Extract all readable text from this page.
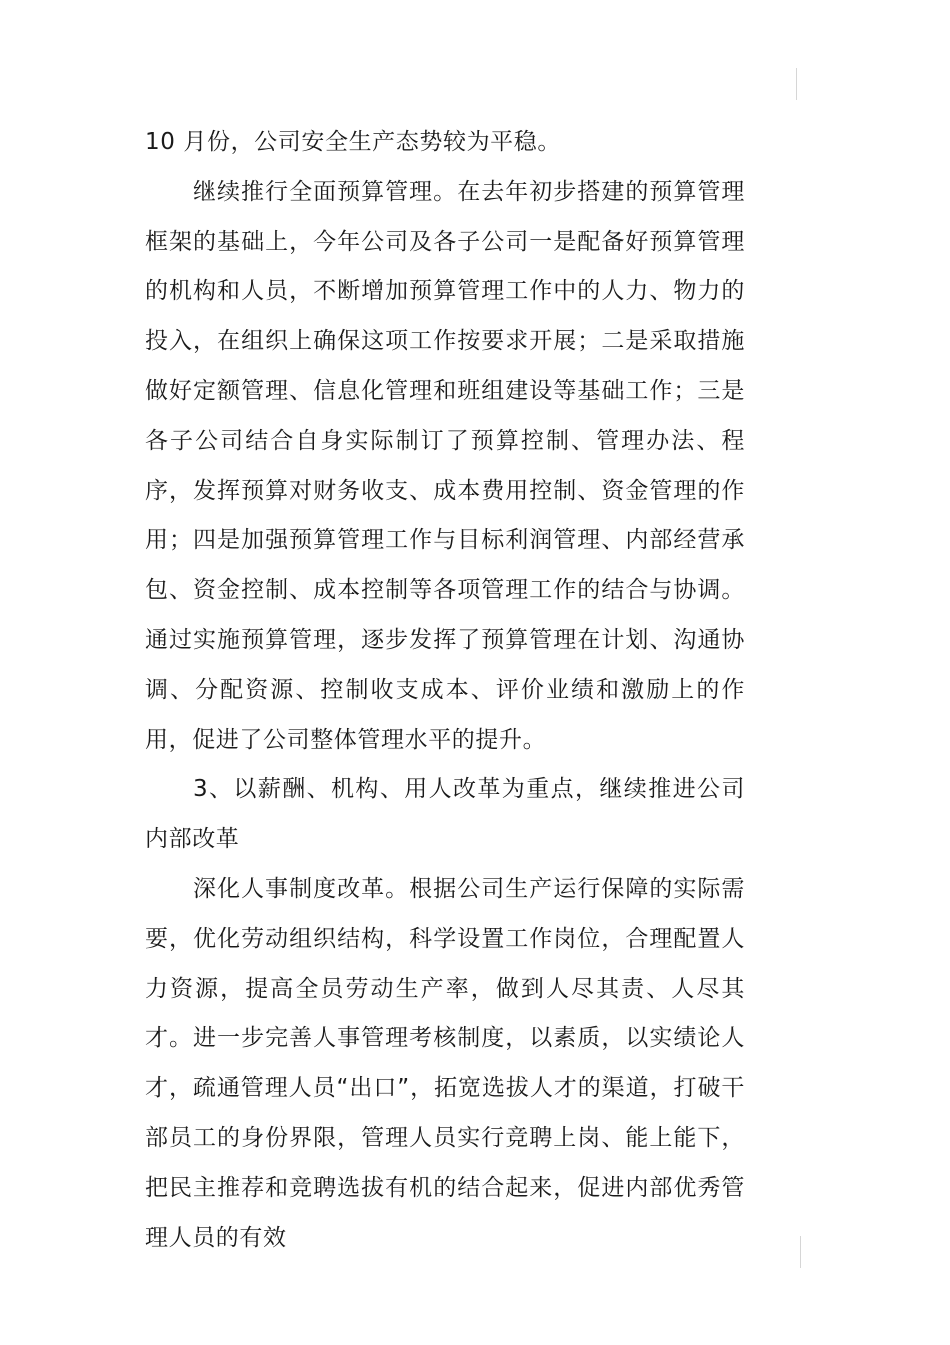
10 月份，公司安全生产态势较为平稳。

继续推行全面预算管理。在去年初步搭建的预算管理框架的基础上，今年公司及各子公司一是配备好预算管理的机构和人员，不断增加预算管理工作中的人力、物力的投入，在组织上确保这项工作按要求开展；二是采取措施做好定额管理、信息化管理和班组建设等基础工作；三是各子公司结合自身实际制订了预算控制、管理办法、程序，发挥预算对财务收支、成本费用控制、资金管理的作用；四是加强预算管理工作与目标利润管理、内部经营承包、资金控制、成本控制等各项管理工作的结合与协调。通过实施预算管理，逐步发挥了预算管理在计划、沟通协调、分配资源、控制收支成本、评价业绩和激励上的作用，促进了公司整体管理水平的提升。

3、以薪酬、机构、用人改革为重点，继续推进公司内部改革

深化人事制度改革。根据公司生产运行保障的实际需要，优化劳动组织结构，科学设置工作岗位，合理配置人力资源，提高全员劳动生产率，做到人尽其责、人尽其才。进一步完善人事管理考核制度，以素质，以实绩论人才，疏通管理人员“出口”，拓宽选拔人才的渠道，打破干部员工的身份界限，管理人员实行竞聘上岗、能上能下，把民主推荐和竞聘选拔有机的结合起来，促进内部优秀管理人员的有效
